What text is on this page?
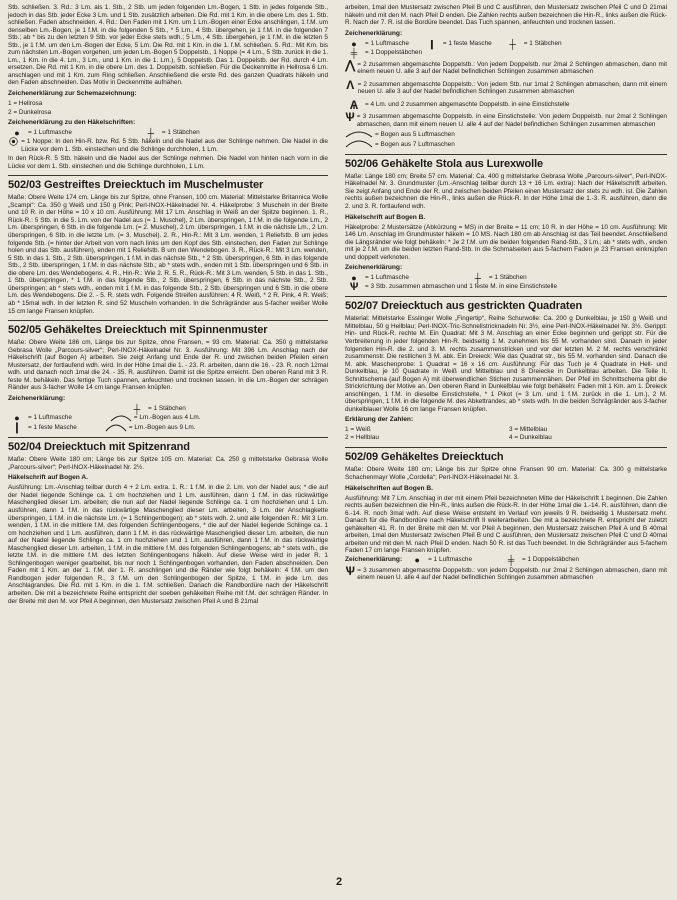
Stb. schließen. 3. Rd.: 3 Lm. als 1. Stb., 2 Stb. um jeden folgenden Lm.-Bogen, 1 Stb. in jedes folgende Stb., jedoch in das Stb. jeder Ecke 3 Lm. und 1 Stb. zusätzlich arbeiten. Die Rd. mit 1 Km. in die obere Lm. des 1. Stb. schließen. Faden abschneiden. 4. Rd.: Den Faden mit 1 Km. um 1 Lm.-Bogen einer Ecke anschlingen, 1 f.M. um denselben Lm.-Bogen, je 1 f.M. in die folgenden 5 Stb., * 5 Lm., 4 Stb. übergehen, je 1 f.M. in die folgenden 7 Stb.; ab * bis zu den letzten 9 Stb. vor jeder Ecke stets wdh.; 5 Lm., 4 Stb. übergehen, je 1 f.M. in die letzten 5 Stb., je 1 f.M. um den Lm.-Bogen der Ecke, 5 Lm. Die Rd. mit 1 Km. in die 1. f.M. schließen. 5. Rd.: Mit Km. bis zum nächsten Lm.-Bogen vorgehen, um jeden Lm.-Bogen 5 Doppelstb., 1 Noppe (= 4 Lm., 5 Stb. zurück in die 1. Lm., 1 Km. in die 4. Lm., 3 Lm., und 1 Km. in die 1. Lm.), 5 Doppelstb. Das 1. Doppelstb. der Rd. durch 4 Lm. ersetzen. Die Rd. mit 1 Km. in die obere Lm. des 1. Doppelstb. schließen. Für die Deckenmitte in Hellrosa 6 Lm. anschlagen und mit 1 Km. zum Ring schließen. Anschließend die erste Rd. des ganzen Quadrats häkeln und den Faden abschneiden. Das Motiv in Deckenmitte aufnähen.

Zeichenerklärung zur Schemazeichnung:
1 = Hellrosa
2 = Dunkelrosa
Zeichenerklärung zu den Häkelschriften:
●	= 1 Luftmasche	┼	= 1 Stäbchen
⦿ = 1 Noppe: In den Hin-R. bzw. Rd. 5 Stb. häkeln und die Nadel aus der Schlinge nehmen. Die Nadel in die Lücke vor dem 1. Stb. einstechen und die Schlinge durchholen, 1 Lm.

In den Rück-R. 5 Stb. häkeln und die Nadel aus der Schlinge nehmen. Die Nadel von hinten nach vorn in die Lücke vor dem 1. Stb. einstechen und die Schlinge durchholen, 1 Lm.

502/03 Gestreiftes Dreiecktuch im Muschelmuster

Maße: Obere Weite 174 cm, Länge bis zur Spitze, ohne Fransen, 100 cm. Material: Mittelstarke Britannica Wolle „Scampi“: Ca. 350 g Weiß und 150 g Pink; Perl-INOX-Häkelnadel Nr. 4. Häkelprobe: 3 Muscheln in der Breite und 10 R. in der Höhe = 10 x 10 cm. Ausführung: Mit 17 Lm. Anschlag in Weiß an der Spitze beginnen. 1. R., Rück-R.: 5 Stb. in die 5. Lm. von der Nadel aus (= 1. Muschel), 2 Lm. überspringen, 1 f.M. in die folgende Lm., 2 Lm. überspringen, 6 Stb. in die folgende Lm. (= 2. Muschel), 2 Lm. überspringen, 1 f.M. in die nächste Lm., 2 Lm. überspringen, 6 Stb. in die letzte Lm. (= 3. Muschel). 2. R., Hin-R.: Mit 3 Lm. wenden, 1 Reliefstb. B um jedes folgende Stb. (= hinter der Arbeit von vorn nach links um den Kopf des Stb. einstechen, den Faden zur Schlinge holen und das Stb. ausführen), enden mit 1 Reliefstb. B um den Wendebogen. 3. R., Rück-R.: Mit 3 Lm. wenden, 5 Stb. in das 1. Stb., 2 Stb. überspringen, 1 f.M. in das nächste Stb., * 2 Stb. überspringen, 6 Stb. in das folgende Stb., 2 Stb. überspringen, 1 f.M. in das nächste Stb.; ab * stets wdh., enden mit 1 Stb. überspringen und 6 Stb. in die obere Lm. des Wendebogens. 4. R., Hin-R.: Wie 2. R. 5. R., Rück-R.: Mit 3 Lm. wenden, 5 Stb. in das 1. Stb., 1 Stb. überspringen, * 1 f.M. in das folgende Stb., 2 Stb. überspringen, 6 Stb. in das nächste Stb., 2 Stb. überspringen; ab * stets wdh., enden mit 1 f.M. in das folgende Stb., 2 Stb. überspringen und 6 Stb. in die obere Lm. des Wendebogens. Die 2. - 5. R. stets wdh. Folgende Streifen ausführen: 4 R. Weiß, * 2 R. Pink, 4 R. Weiß; ab * 15mal wdh. In der letzten R. sind 52 Muscheln vorhanden. In die Schrägränder aus 5-facher weißer Wolle 15 cm lange Fransen knüpfen.

502/05 Gehäkeltes Dreiecktuch mit Spinnenmuster

Maße: Obere Weite 186 cm, Länge bis zur Spitze, ohne Fransen, = 93 cm. Material: Ca. 350 g mittelstarke Gebrasa Wolle „Parcours-silver“; Perl-INOX-Häkelnadel Nr. 3. Ausführung: Mit 396 Lm. Anschlag nach der Häkelschrift (auf Bogen A) arbeiten. Sie zeigt Anfang und Ende der R. und zwischen beiden Pfeilen einen Mustersatz, der fortlaufend wdh. wird. In der Höhe 1mal die 1. - 23. R. arbeiten, dann die 16. - 23. R. noch 12mal wdh. und danach noch 1mal die 24. - 35. R. ausführen. Damit ist die Spitze erreicht. Den oberen Rand mit 3 R. feste M. behäkeln. Das fertige Tuch spannen, anfeuchten und trocknen lassen. In die Lm.-Bogen der schrägen Ränder aus 3-facher Wolle 14 cm lange Fransen knüpfen.

Zeichenerklärung:
┼	= 1 Stäbchen
●	= 1 Luftmasche	= Lm.-Bogen aus 4 Lm.
┃	= 1 feste Masche	= Lm.-Bogen aus 9 Lm.
502/04 Dreiecktuch mit Spitzenrand

Maße: Obere Weite 180 cm; Länge bis zur Spitze 105 cm. Material: Ca. 250 g mittelstarke Gebrasa Wolle „Parcours-silver“; Perl-INOX-Häkelnadel Nr. 2½.

Häkelschrift auf Bogen A.

Ausführung: Lm.-Anschlag teilbar durch 4 + 2 Lm. extra. 1. R.: 1 f.M. in die 2. Lm. von der Nadel aus; * die auf der Nadel liegende Schlinge ca. 1 cm hochziehen und 1 Lm. ausführen, dann 1 f.M. in das rückwärtige Maschenglied dieser Lm. arbeiten; die nun auf der Nadel liegende Schlinge ca. 1 cm hochziehen und 1 Lm. ausführen, dann 1 f.M. in das rückwärtige Maschenglied dieser Lm. arbeiten, 3 Lm. der Anschlagkette überspringen, 1 f.M. in die nächste Lm. (= 1 Schlingenbogen); ab * stets wdh. 2. und alle folgenden R.: Mit 3 Lm. wenden, 1 f.M. in die mittlere f.M. des folgenden Schlingenbogens, * die auf der Nadel liegende Schlinge ca. 1 cm hochziehen und 1 Lm. ausführen, dann 1 f.M. in das rückwärtige Maschenglied dieser Lm. arbeiten, die nun auf der Nadel liegende Schlinge ca. 1 cm hochziehen und 1 Lm. ausführen, dann 1 f.M. in das rückwärtige Maschenglied dieser Lm. arbeiten, 1 f.M. in die mittlere f.M. des folgenden Schlingenbogens; ab * stets wdh., die letzte f.M. in die mittlere f.M. des letzten Schlingenbogens häkeln. Auf diese Weise wird in jeder R. 1 Schlingenbogen weniger gearbeitet, bis nur noch 1 Schlingenbogen vorhanden, den Faden abschneiden. Den Faden mit 1 Km. an der 1. f.M. der 1. R. anschlingen und die Ränder wie folgt behäkeln: 4 f.M. um den Randbogen jeder folgenden R., 3 f.M. um den Schlingenbogen der Spitze, 1 f.M. in jede Lm. des Anschlagrandes. Die Rd. mit 1 Km. in die 1. f.M. schließen. Danach die Randbordüre nach der Häkelschrift arbeiten. Die mit a bezeichnete Reihe entspricht der soeben gehäkelten Reihe mit f.M. der schrägen Ränder. In der Breite mit den M. vor Pfeil A beginnen, den Mustersatz zwischen Pfeil A und B 21mal

arbeiten, 1mal den Mustersatz zwischen Pfeil B und C ausführen, den Mustersatz zwischen Pfeil C und D 21mal häkeln und mit den M. nach Pfeil D enden. Die Zahlen rechts außen bezeichnen die Hin-R., links außen die Rück-R. Nach der 7. R. ist die Bordüre beendet. Das Tuch spannen, anfeuchten und trocknen lassen.

Zeichenerklärung:
●	= 1 Luftmasche	❙	= 1 feste Masche	┼	= 1 Stäbchen
╪	= 1 Doppelstäbchen
⋀ = 2 zusammen abgemaschte Doppelstb.: Von jedem Doppelstb. nur 2mal 2 Schlingen abmaschen, dann mit einem neuen U. alle 3 auf der Nadel befindlichen Schlingen zusammen abmaschen
Λ = 2 zusammen abgemaschte Doppelstb.: Von jedem Stb. nur 1mal 2 Schlingen abmaschen, dann mit einem neuen U. alle 3 auf der Nadel befindlichen Schlingen zusammen abmaschen
Ѧ	= 4 Lm. und 2 zusammen abgemaschte Doppelstb. in eine Einstichstelle
Ѱ = 3 zusammen abgemaschte Doppelstb. in eine Einstichstelle: Von jedem Doppelstb. nur 2mal 2 Schlingen abmaschen, dann mit einem neuen U. alle 4 auf der Nadel befindlichen Schlingen zusammen abmaschen
= Bogen aus 5 Luftmaschen
= Bogen aus 7 Luftmaschen
502/06 Gehäkelte Stola aus Lurexwolle

Maße: Länge 180 cm; Breite 57 cm. Material: Ca. 400 g mittelstarke Gebrasa Wolle „Parcours-silver“, Perl-INOX-Häkelnadel Nr. 3. Grundmuster (Lm.-Anschlag teilbar durch 13 + 16 Lm. extra): Nach der Häkelschrift arbeiten. Sie zeigt Anfang und Ende der R. und zwischen beiden Pfeilen einen Mustersatz der stets zu wdh. ist. Die Zahlen rechts außen bezeichnen die Hin-R., links außen die Rück-R. In der Höhe 1mal die 1.-3. R. ausführen, dann die 2. und 3. R. fortlaufend wdh.

Häkelschrift auf Bogen B.

Häkelprobe: 2 Mustersätze (Abkürzung = MS) in der Breite = 11 cm; 10 R. in der Höhe = 10 cm. Ausführung: Mit 146 Lm. Anschlag im Grundmuster häkeln = 10 MS. Nach 180 cm ab Anschlag ist das Teil beendet. Anschließend die Längsränder wie folgt behäkeln: * Je 2 f.M. um die beiden folgenden Rand-Stb., 3 Lm.; ab * stets wdh., enden mit je 2 f.M. um die beiden letzten Rand-Stb. In die Schmalseiten aus 5-fachem Faden je 23 Fransen einknüpfen und doppelt verknoten.

Zeichenerklärung:
●	= 1 Luftmasche	┼	= 1 Stäbchen
Ѱ	= 3 Stb. zusammen abmaschen und 1 feste M. in eine Einstichstelle
502/07 Dreiecktuch aus gestrickten Quadraten

Material: Mittelstarke Esslinger Wolle „Fingertip“, Reihe Schurwolle: Ca. 200 g Dunkelblau, je 150 g Weiß und Mittelblau, 50 g Hellblau; Perl-INOX-Tric-Schnellstricknadeln Nr. 3½, eine Perl-INOX-Häkelnadel Nr. 3½. Gerippt: Hin- und Rück-R. rechte M. Ein Quadrat: Mit 3 M. Anschlag an einer Ecke beginnen und gerippt str. Für die Verbreiterung in jeder folgenden Hin-R. beidseitig 1 M. zunehmen bis 55 M. vorhanden sind. Danach in jeder folgenden Hin-R. die 2. und 3. M. rechts zusammenstricken und vor der letzten M. 2 M. rechts verschränkt zusammenstr. Die restlichen 3 M. abk. Ein Dreieck: Wie das Quadrat str., bis 55 M. vorhanden sind. Danach die M. abk. Maschenprobe: 1 Quadrat = 16 x 16 cm. Ausführung: Für das Tuch je 4 Quadrate in Hell- und Dunkelblau, je 10 Quadrate in Weiß und Mittelblau und 8 Dreiecke in Dunkelblau arbeiten. Die Teile lt. Schnittschema (auf Bogen A) mit überwendlichen Stichen zusammennähen. Der Pfeil im Schnittschema gibt die Strickrichtung der Motive an. Den oberen Rand in Dunkelblau wie folgt behäkeln: Faden mit 1 Km. am 1. Dreieck anschlingen, 1 f.M. in dieselbe Einstichstelle, * 1 Pikot (= 3 Lm. und 1 f.M. zurück in die 1. Lm.), 2 M. überspringen, 1 f.M. in die folgende M. des Abkettrandes; ab * stets wdh. In die beiden Schrägränder aus 3-facher dunkelblauer Wolle 16 cm lange Fransen knüpfen.

Erklärung der Zahlen:
1 = Weiß	3 = Mittelblau
2 = Hellblau	4 = Dunkelblau
502/09 Gehäkeltes Dreiecktuch

Maße: Obere Weite 180 cm; Länge bis zur Spitze ohne Fransen 90 cm. Material: Ca. 300 g mittelstarke Schachenmayr Wolle „Cordella“; Perl-INOX-Häkelnadel Nr. 3.

Häkelschriften auf Bogen B.

Ausführung: Mit 7 Lm. Anschlag in der mit einem Pfeil bezeichneten Mitte der Häkelschrift 1 beginnen. Die Zahlen rechts außen bezeichnen die Hin-R., links außen die Rück-R. In der Höhe 1mal die 1.-14. R. ausführen, dann die 6.-14. R. noch 3mal wdh. Auf diese Weise entsteht im Verlauf von jeweils 9 R. beidseitig 1 Mustersatz mehr. Danach für die Randbordüre nach Häkelschrift II weiterarbeiten. Die mit a bezeichnete R. entspricht der zuletzt gehäkelten 41. R. In der Breite mit den M. vor Pfeil A beginnen, den Mustersatz zwischen Pfeil A und B 40mal arbeiten, 1mal den Mustersatz zwischen Pfeil B und C ausführen, den Mustersatz zwischen Pfeil C und D 40mal arbeiten und mit den M. nach Pfeil D enden. Nach 50 R. ist das Tuch beendet. In die Schrägränder aus 5-fachem Faden 17 cm lange Fransen knüpfen.

Zeichenerklärung:	●	= 1 Luftmasche	╪	= 1 Doppelstäbchen
Ѱ = 3 zusammen abgemaschte Doppelstb.: von jedem Doppelstb. nur 2mal 2 Schlingen abmaschen, dann mit einem neuen U. alle 4 auf der Nadel befindlichen Schlingen zusammen abmaschen
2
